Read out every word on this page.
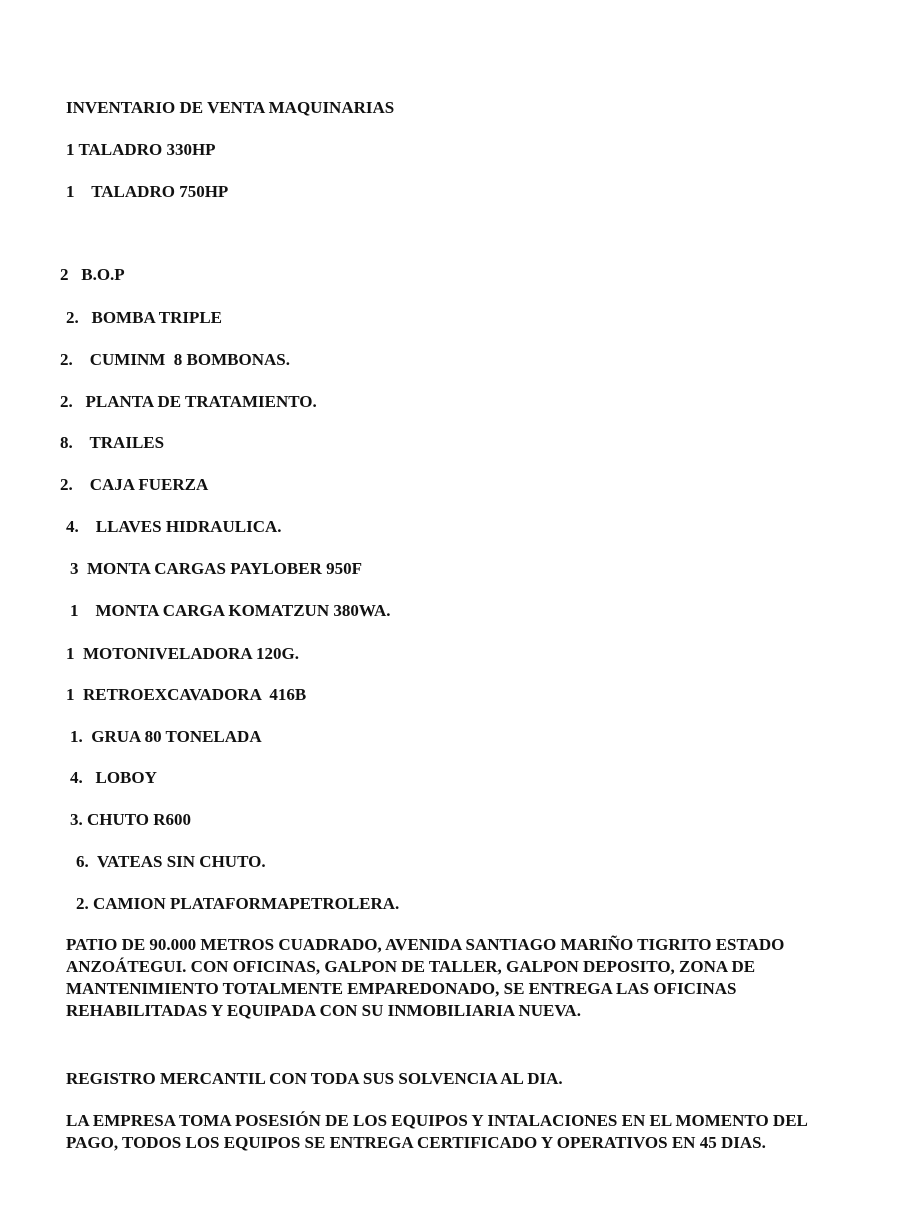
INVENTARIO DE VENTA MAQUINARIAS
1 TALADRO 330HP
1    TALADRO 750HP
2   B.O.P
2.   BOMBA TRIPLE
2.    CUMINM  8 BOMBONAS.
2.   PLANTA DE TRATAMIENTO.
8.    TRAILES
2.    CAJA FUERZA
4.    LLAVES HIDRAULICA.
3  MONTA CARGAS PAYLOBER 950F
1    MONTA CARGA KOMATZUN 380WA.
1  MOTONIVELADORA 120G.
1  RETROEXCAVADORA  416B
1.  GRUA 80 TONELADA
4.   LOBOY
3. CHUTO R600
6.  VATEAS SIN CHUTO.
2. CAMION PLATAFORMAPETROLERA.
PATIO DE 90.000 METROS CUADRADO, AVENIDA SANTIAGO MARIÑO TIGRITO ESTADO ANZOÁTEGUI. CON OFICINAS, GALPON DE TALLER, GALPON DEPOSITO, ZONA DE MANTENIMIENTO TOTALMENTE EMPAREDONADO, SE ENTREGA LAS OFICINAS REHABILITADAS Y EQUIPADA CON SU INMOBILIARIA NUEVA.
REGISTRO MERCANTIL CON TODA SUS SOLVENCIA AL DIA.
LA EMPRESA TOMA POSESIÓN DE LOS EQUIPOS Y INTALACIONES EN EL MOMENTO DEL PAGO, TODOS LOS EQUIPOS SE ENTREGA CERTIFICADO Y OPERATIVOS EN 45 DIAS.
